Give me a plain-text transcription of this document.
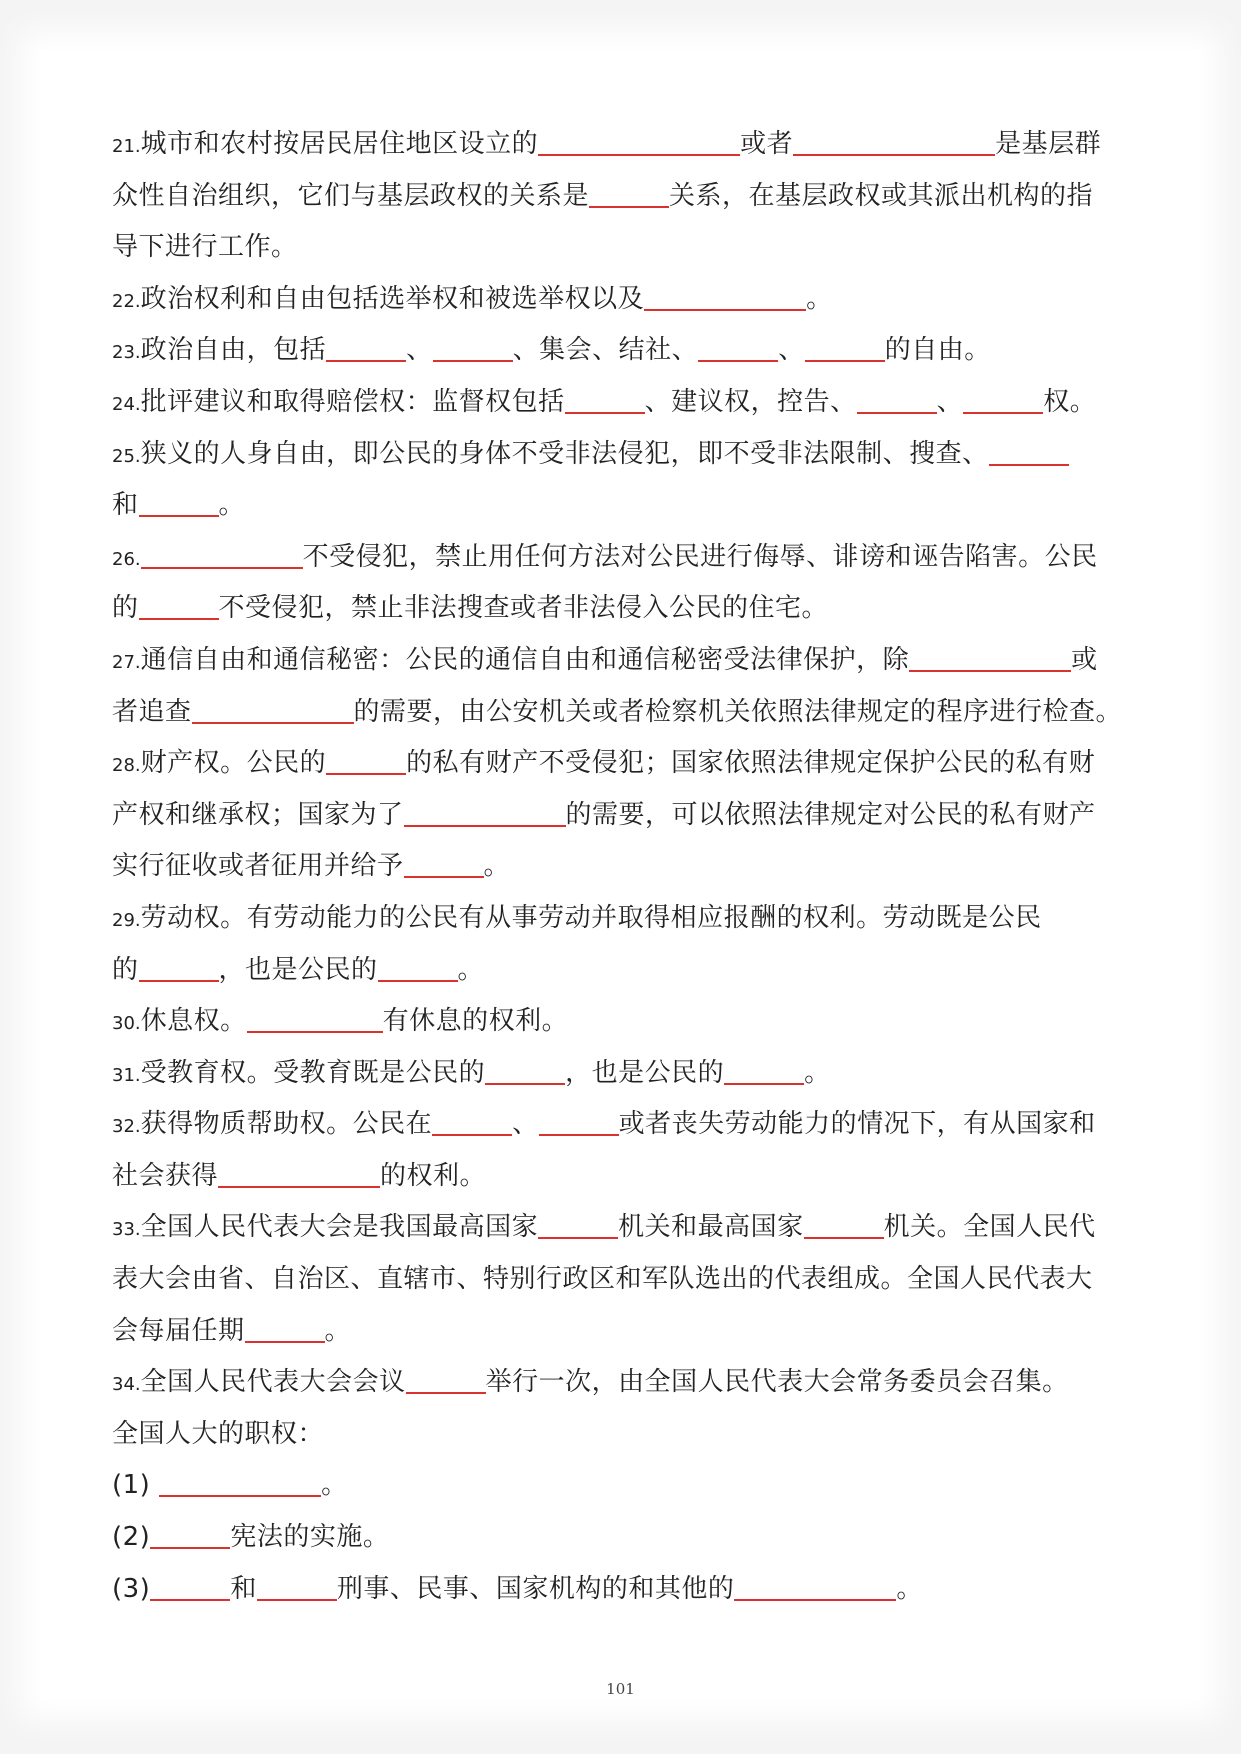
21.城市和农村按居民居住地区设立的	或者	是基层群
众性自治组织，它们与基层政权的关系是	关系，在基层政权或其派出机构的指
导下进行工作。
22.政治权利和自由包括选举权和被选举权以及	。
23.政治自由，包括	、	、集会、结社、	、	的自由。
24.批评建议和取得赔偿权：监督权包括	、建议权，控告、	、	权。
25.狭义的人身自由，即公民的身体不受非法侵犯，即不受非法限制、搜查、
和	。
26.	不受侵犯，禁止用任何方法对公民进行侮辱、诽谤和诬告陷害。公民
的	不受侵犯，禁止非法搜查或者非法侵入公民的住宅。
27.通信自由和通信秘密：公民的通信自由和通信秘密受法律保护，除	或
者追查	的需要，由公安机关或者检察机关依照法律规定的程序进行检查。
28.财产权。公民的	的私有财产不受侵犯；国家依照法律规定保护公民的私有财
产权和继承权；国家为了	的需要，可以依照法律规定对公民的私有财产
实行征收或者征用并给予	。
29.劳动权。有劳动能力的公民有从事劳动并取得相应报酬的权利。劳动既是公民
的	，也是公民的	。
30.休息权。	有休息的权利。
31.受教育权。受教育既是公民的	，也是公民的	。
32.获得物质帮助权。公民在	、	或者丧失劳动能力的情况下，有从国家和
社会获得	的权利。
33.全国人民代表大会是我国最高国家	机关和最高国家	机关。全国人民代
表大会由省、自治区、直辖市、特别行政区和军队选出的代表组成。全国人民代表大
会每届任期	。
34.全国人民代表大会会议	举行一次，由全国人民代表大会常务委员会召集。
全国人大的职权：
(1)	。
(2)	宪法的实施。
(3)	和	刑事、民事、国家机构的和其他的	。
101
